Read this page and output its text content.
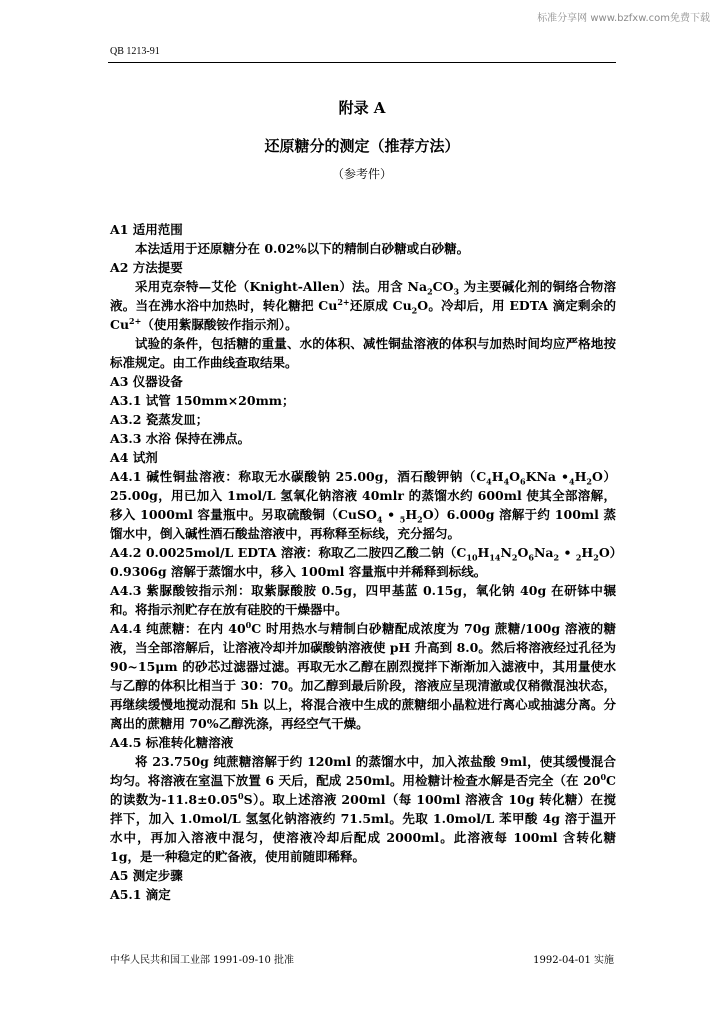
标准分享网 www.bzfxw.com免费下载
QB 1213-91
附录 A
还原糖分的测定（推荐方法）
（参考件）

A1 适用范围

本法适用于还原糖分在 0.02%以下的精制白砂糖或白砂糖。

A2 方法提要

采用克奈特—艾伦（Knight-Allen）法。用含 $Na_2CO_3$ 为主要碱化剂的铜络合物溶液。当在沸水浴中加热时，转化糖把 $Cu^{2+}$还原成 $Cu_2O$。冷却后，用 EDTA 滴定剩余的 $Cu^{2+}$（使用紫脲酸铵作指示剂）。

试验的条件，包括糖的重量、水的体积、减性铜盐溶液的体积与加热时间均应严格地按标准规定。由工作曲线查取结果。

A3 仪器设备

A3.1 试管 150mm×20mm；

A3.2 瓷蒸发皿；

A3.3 水浴 保持在沸点。

A4 试剂

A4.1 碱性铜盐溶液：称取无水碳酸钠 25.00g，酒石酸钾钠（$C_4H_4O_6KNa$ $•_4H_2O)25.00g$，用已加入 1mol/L 氢氧化钠溶液 40mlr 的蒸馏水约 600ml 使其全部溶解，移入 1000ml 容量瓶中。另取硫酸铜（CuSO$_4$ • $_5H_2O)6.000g$ 溶解于约 100ml 蒸馏水中，倒入碱性酒石酸盐溶液中，再称释至标线，充分摇匀。

A4.2 0.0025mol/L EDTA 溶液：称取乙二胺四乙酸二钠（$C_{10}H_{14}N_2O_6Na_2$ • $_2H_2O)0.9306g$ 溶解于蒸馏水中，移入 100ml 容量瓶中并稀释到标线。

A4.3 紫脲酸铵指示剂：取紫脲酸胺 0.5g，四甲基蓝 0.15g，氧化钠 40g 在研钵中辗和。将指示剂贮存在放有硅胶的干燥器中。

A4.4 纯蔗糖：在内 $40^0C$ 时用热水与精制白砂糖配成浓度为 70g 蔗糖/100g 溶液的糖液，当全部溶解后，让溶液冷却并加碳酸钠溶液使 pH 升高到 8.0。然后将溶液经过孔径为 90~15μm 的砂芯过滤器过滤。再取无水乙醇在剧烈搅拌下渐渐加入滤液中，其用量使水与乙醇的体积比相当于 30：70。加乙醇到最后阶段，溶液应呈现清澈或仅稍微混浊状态，再继续缓慢地搅动混和 5h 以上，将混合液中生成的蔗糖细小晶粒进行离心或抽滤分离。分离出的蔗糖用 70%乙醇洗涤，再经空气干燥。

A4.5 标准转化糖溶液

将 23.750g 纯蔗糖溶解于约 120ml 的蒸馏水中，加入浓盐酸 9ml，使其缓慢混合均匀。将溶液在室温下放置 6 天后，配成 250ml。用检糖计检查水解是否完全（在 $20^0C$ 的读数为$-11.8\pm 0.05^0S$）。取上述溶液 200ml（每 100ml 溶液含 10g 转化糖）在搅拌下，加入 1.0mol/L 氢氢化钠溶液约 71.5ml。先取 1.0mol/L 苯甲酸 4g 溶于温开水中，再加入溶液中混匀，使溶液冷却后配成 2000ml。此溶液每 100ml 含转化糖 1g，是一种稳定的贮备液，使用前随即稀释。

A5 测定步骤

A5.1 滴定

中华人民共和国工业部 1991-09-10 批准	1992-04-01 实施
